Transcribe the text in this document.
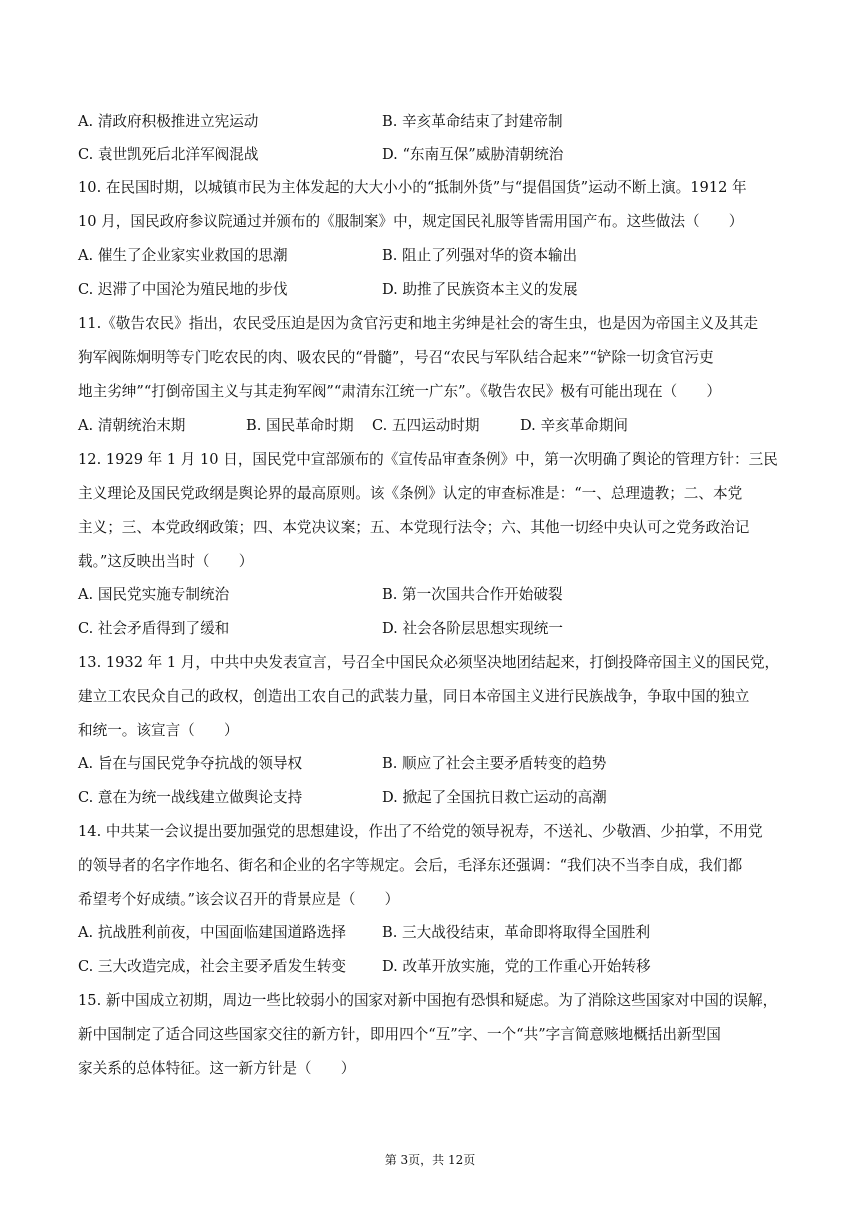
A. 清政府积极推进立宪运动	B. 辛亥革命结束了封建帝制
C. 袁世凯死后北洋军阀混战	D. “东南互保”威胁清朝统治
10. 在民国时期，以城镇市民为主体发起的大大小小的“抵制外货”与“提倡国货”运动不断上演。1912 年
10 月，国民政府参议院通过并颁布的《服制案》中，规定国民礼服等皆需用国产布。这些做法（　　）
A. 催生了企业家实业救国的思潮	B. 阻止了列强对华的资本输出
C. 迟滞了中国沦为殖民地的步伐	D. 助推了民族资本主义的发展
11.《敬告农民》指出，农民受压迫是因为贪官污吏和地主劣绅是社会的寄生虫，也是因为帝国主义及其走
狗军阀陈炯明等专门吃农民的肉、吸农民的“骨髓”，号召“农民与军队结合起来”“铲除一切贪官污吏
地主劣绅”“打倒帝国主义与其走狗军阀”“肃清东江统一广东”。《敬告农民》极有可能出现在（　　）
A. 清朝统治末期	B. 国民革命时期 C. 五四运动时期	D. 辛亥革命期间
12. 1929 年 1 月 10 日，国民党中宣部颁布的《宣传品审查条例》中，第一次明确了舆论的管理方针：三民
主义理论及国民党政纲是舆论界的最高原则。该《条例》认定的审查标准是：“一、总理遗教；二、本党
主义；三、本党政纲政策；四、本党决议案；五、本党现行法令；六、其他一切经中央认可之党务政治记
载。”这反映出当时（　　）
A. 国民党实施专制统治	B. 第一次国共合作开始破裂
C. 社会矛盾得到了缓和	D. 社会各阶层思想实现统一
13. 1932 年 1 月，中共中央发表宣言，号召全中国民众必须坚决地团结起来，打倒投降帝国主义的国民党，
建立工农民众自己的政权，创造出工农自己的武装力量，同日本帝国主义进行民族战争，争取中国的独立
和统一。该宣言（　　）
A. 旨在与国民党争夺抗战的领导权	B. 顺应了社会主要矛盾转变的趋势
C. 意在为统一战线建立做舆论支持	D. 掀起了全国抗日救亡运动的高潮
14. 中共某一会议提出要加强党的思想建设，作出了不给党的领导祝寿，不送礼、少敬酒、少拍掌，不用党
的领导者的名字作地名、街名和企业的名字等规定。会后，毛泽东还强调：“我们决不当李自成，我们都
希望考个好成绩。”该会议召开的背景应是（　　）
A. 抗战胜利前夜，中国面临建国道路选择 B. 三大战役结束，革命即将取得全国胜利
C. 三大改造完成，社会主要矛盾发生转变 D. 改革开放实施，党的工作重心开始转移
15. 新中国成立初期，周边一些比较弱小的国家对新中国抱有恐惧和疑虑。为了消除这些国家对中国的误解，
新中国制定了适合同这些国家交往的新方针，即用四个“互”字、一个“共”字言简意赅地概括出新型国
家关系的总体特征。这一新方针是（　　）
第 3页，共 12页
